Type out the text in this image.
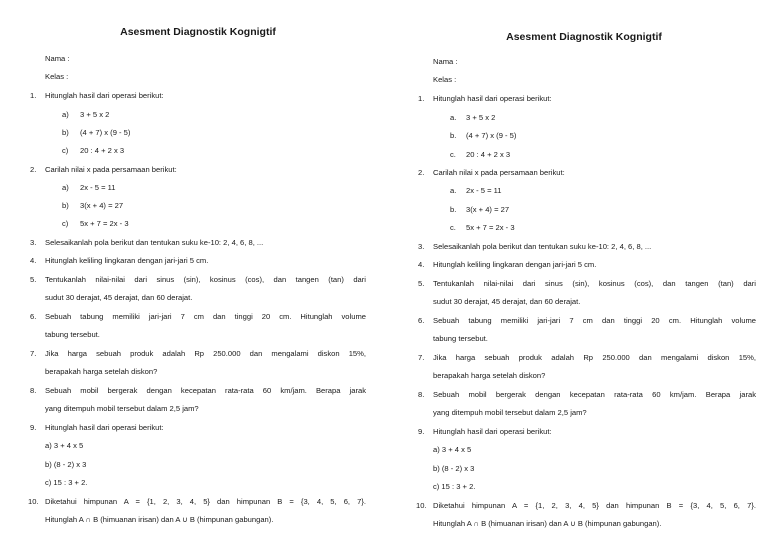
Asesment Diagnostik Kognigtif
Nama :
Kelas :
1. Hitunglah hasil dari operasi berikut:
a) 3 + 5 x 2
b) (4 + 7) x (9 - 5)
c) 20 : 4 + 2 x 3
2. Carilah nilai x pada persamaan berikut:
a) 2x - 5 = 11
b) 3(x + 4) = 27
c) 5x + 7 = 2x - 3
3. Selesaikanlah pola berikut dan tentukan suku ke-10: 2, 4, 6, 8, ...
4. Hitunglah keliling lingkaran dengan jari-jari 5 cm.
5. Tentukanlah nilai-nilai dari sinus (sin), kosinus (cos), dan tangen (tan) dari
sudut 30 derajat, 45 derajat, dan 60 derajat.
6. Sebuah tabung memiliki jari-jari 7 cm dan tinggi 20 cm. Hitunglah volume
tabung tersebut.
7. Jika harga sebuah produk adalah Rp 250.000 dan mengalami diskon 15%,
berapakah harga setelah diskon?
8. Sebuah mobil bergerak dengan kecepatan rata-rata 60 km/jam. Berapa jarak
yang ditempuh mobil tersebut dalam 2,5 jam?
9. Hitunglah hasil dari operasi berikut:
a) 3 + 4 x 5
b) (8 - 2) x 3
c) 15 : 3 + 2.
10. Diketahui himpunan A = {1, 2, 3, 4, 5} dan himpunan B = {3, 4, 5, 6, 7}.
Hitunglah A ∩ B (himuanan irisan) dan A ∪ B (himpunan gabungan).
Asesment Diagnostik Kognigtif
Nama :
Kelas :
1. Hitunglah hasil dari operasi berikut:
a. 3 + 5 x 2
b. (4 + 7) x (9 - 5)
c. 20 : 4 + 2 x 3
2. Carilah nilai x pada persamaan berikut:
a. 2x - 5 = 11
b. 3(x + 4) = 27
c. 5x + 7 = 2x - 3
3. Selesaikanlah pola berikut dan tentukan suku ke-10: 2, 4, 6, 8, ...
4. Hitunglah keliling lingkaran dengan jari-jari 5 cm.
5. Tentukanlah nilai-nilai dari sinus (sin), kosinus (cos), dan tangen (tan) dari
sudut 30 derajat, 45 derajat, dan 60 derajat.
6. Sebuah tabung memiliki jari-jari 7 cm dan tinggi 20 cm. Hitunglah volume
tabung tersebut.
7. Jika harga sebuah produk adalah Rp 250.000 dan mengalami diskon 15%,
berapakah harga setelah diskon?
8. Sebuah mobil bergerak dengan kecepatan rata-rata 60 km/jam. Berapa jarak
yang ditempuh mobil tersebut dalam 2,5 jam?
9. Hitunglah hasil dari operasi berikut:
a) 3 + 4 x 5
b) (8 - 2) x 3
c) 15 : 3 + 2.
10. Diketahui himpunan A = {1, 2, 3, 4, 5} dan himpunan B = {3, 4, 5, 6, 7}.
Hitunglah A ∩ B (himuanan irisan) dan A ∪ B (himpunan gabungan).
